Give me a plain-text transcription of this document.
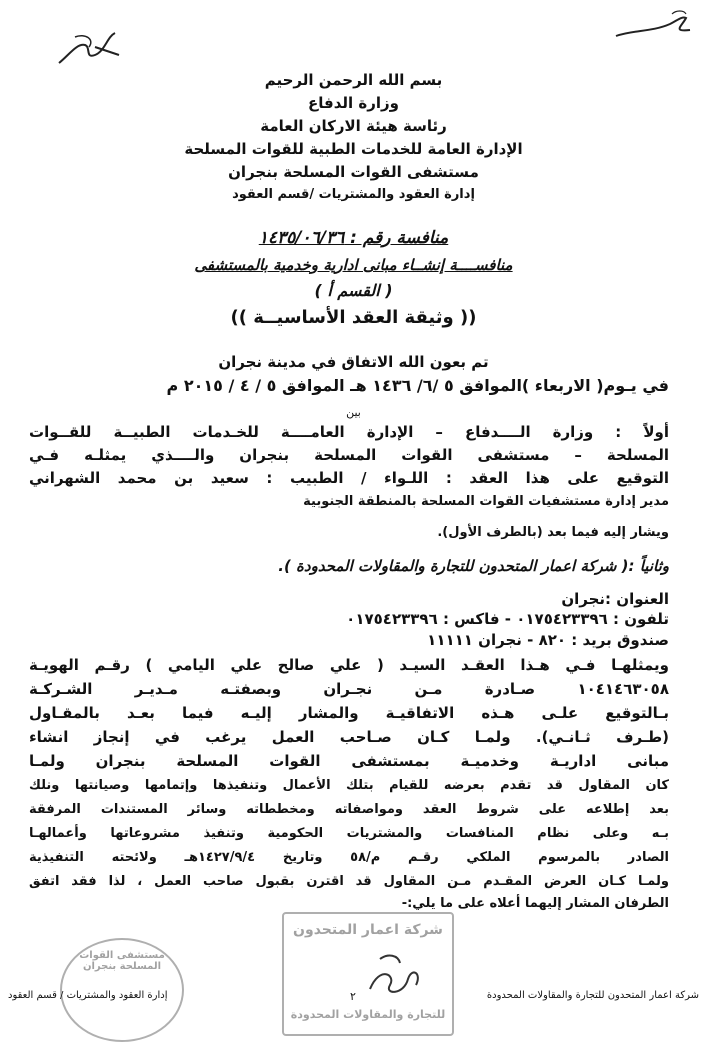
بسم الله الرحمن الرحيم
وزارة الدفاع
رئاسة هيئة الاركان العامة
الإدارة العامة للخدمات الطبية للقوات المسلحة
مستشفى القوات المسلحة بنجران
إدارة العقود والمشتريات /قسم العقود
منافسة رقم : ١٤٣٥/٠٦/٣٦
منافســــة إنشــاء مبانى ادارية وخدمية بالمستشفى
( القسم أ )
(( وثيقة العقد الأساسيــة ))
تم بعون الله الاتفاق في مدينة نجران
في يـوم( الاربعاء )الموافق ٥ /٦/ ١٤٣٦ هـ الموافق ٥ / ٤ / ٢٠١٥ م
بين
أولاً : وزارة الــــدفاع – الإدارة العامــــة للخـدمات الطبيــة للقــوات
المسلحة – مستشفى القوات المسلحة بنجران والــــذي يمثلـه فـي
التوقيع على هذا العقد : اللـواء / الطبيب : سعيد بن محمد الشهراني
مدير إدارة مستشفيات القوات المسلحة بالمنطقة الجنوبية
ويشار إليه فيما بعد (بالطرف الأول).
وثانياً :( شركة اعمار المتحدون للتجارة والمقاولات المحدودة ).
العنوان :نجران
تلفون : ٠١٧٥٤٢٣٣٩٦ - فاكس : ٠١٧٥٤٢٣٣٩٦
صندوق بريد : ٨٢٠ - نجران ١١١١١
ويمثلهـا فـي هـذا العقـد السيـد ( علي صالح علي اليامي ) رقـم الهويـة
١٠٤١٤٦٣٠٥٨ صـادرة مـن نجـران وبصفتـه مـديـر الشـركـة
بـالتوقيع علـى هـذه الاتفاقيـة والمشار إليـه فيما بعـد بالمقـاول
(طـرف ثـانـي). ولمـا كـان صـاحب العمل يرغب في إنجاز انشاء
مبانى اداريـة وخدميـة بمستشفى القوات المسلحة بنجران ولمـا
كان المقاول قد تقدم بعرضه للقيام بتلك الأعمال وتنفيذها وإتمامها وصيانتها ونلك
بعد إطلاعه على شروط العقد ومواصفاته ومخططاته وسائر المستندات المرفقة
بـه وعلى نظام المنافسات والمشتريات الحكومية وتنفيذ مشروعاتها وأعمالهـا
الصادر بالمرسوم الملكي رقـم م/٥٨ وتاريخ ١٤٢٧/٩/٤هـ ولائحته التنفيذية
ولمـا كـان العرض المقـدم مـن المقاول قد اقترن بقبول صاحب العمل ، لذا فقد اتفق
الطرفان المشار إليهما أعلاه على ما يلي:-
شركة اعمار المتحدون
للتجارة والمقاولات المحدودة
مستشفى القوات المسلحة بنجران
شركة اعمار المتحدون للتجارة والمقاولات المحدودة
٢
إدارة العقود والمشتريات / قسم العقود
